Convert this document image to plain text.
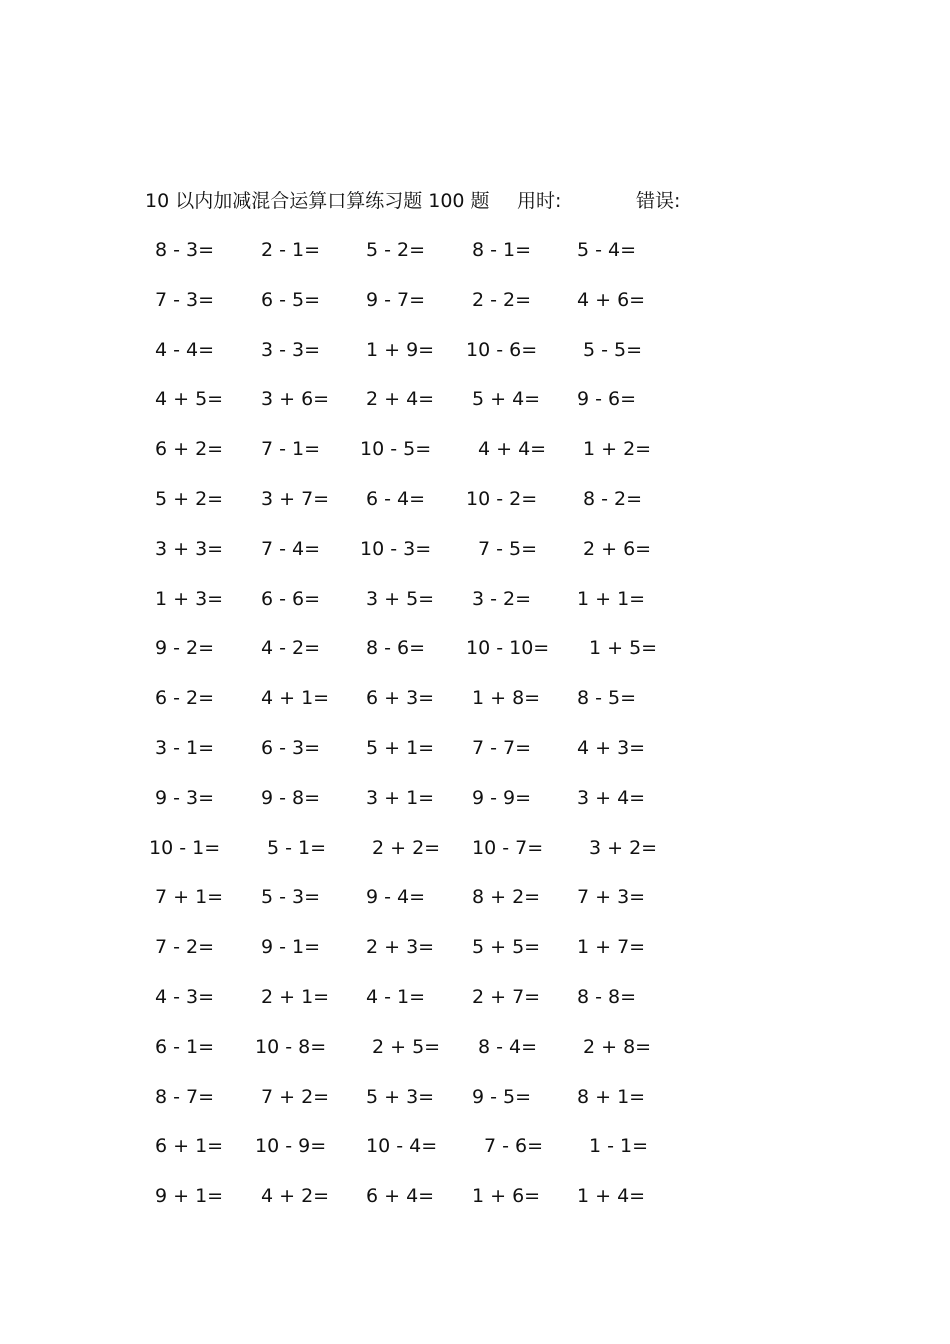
10 以内加减混合运算口算练习题 100 题 用时:	错误:
8 - 3= 2 - 1= 5 - 2= 8 - 1= 5 - 4=
7 - 3= 6 - 5= 9 - 7= 2 - 2= 4 + 6=
4 - 4= 3 - 3= 1 + 9= 10 - 6= 5 - 5=
4 + 5= 3 + 6= 2 + 4= 5 + 4= 9 - 6=
6 + 2= 7 - 1= 10 - 5= 4 + 4= 1 + 2=
5 + 2= 3 + 7= 6 - 4= 10 - 2= 8 - 2=
3 + 3= 7 - 4= 10 - 3= 7 - 5= 2 + 6=
1 + 3= 6 - 6= 3 + 5= 3 - 2= 1 + 1=
9 - 2= 4 - 2= 8 - 6= 10 - 10= 1 + 5=
6 - 2= 4 + 1= 6 + 3= 1 + 8= 8 - 5=
3 - 1= 6 - 3= 5 + 1= 7 - 7= 4 + 3=
9 - 3= 9 - 8= 3 + 1= 9 - 9= 3 + 4=
10 - 1= 5 - 1= 2 + 2= 10 - 7= 3 + 2=
7 + 1= 5 - 3= 9 - 4= 8 + 2= 7 + 3=
7 - 2= 9 - 1= 2 + 3= 5 + 5= 1 + 7=
4 - 3= 2 + 1= 4 - 1= 2 + 7= 8 - 8=
6 - 1= 10 - 8= 2 + 5= 8 - 4= 2 + 8=
8 - 7= 7 + 2= 5 + 3= 9 - 5= 8 + 1=
6 + 1= 10 - 9= 10 - 4= 7 - 6= 1 - 1=
9 + 1= 4 + 2= 6 + 4= 1 + 6= 1 + 4=
